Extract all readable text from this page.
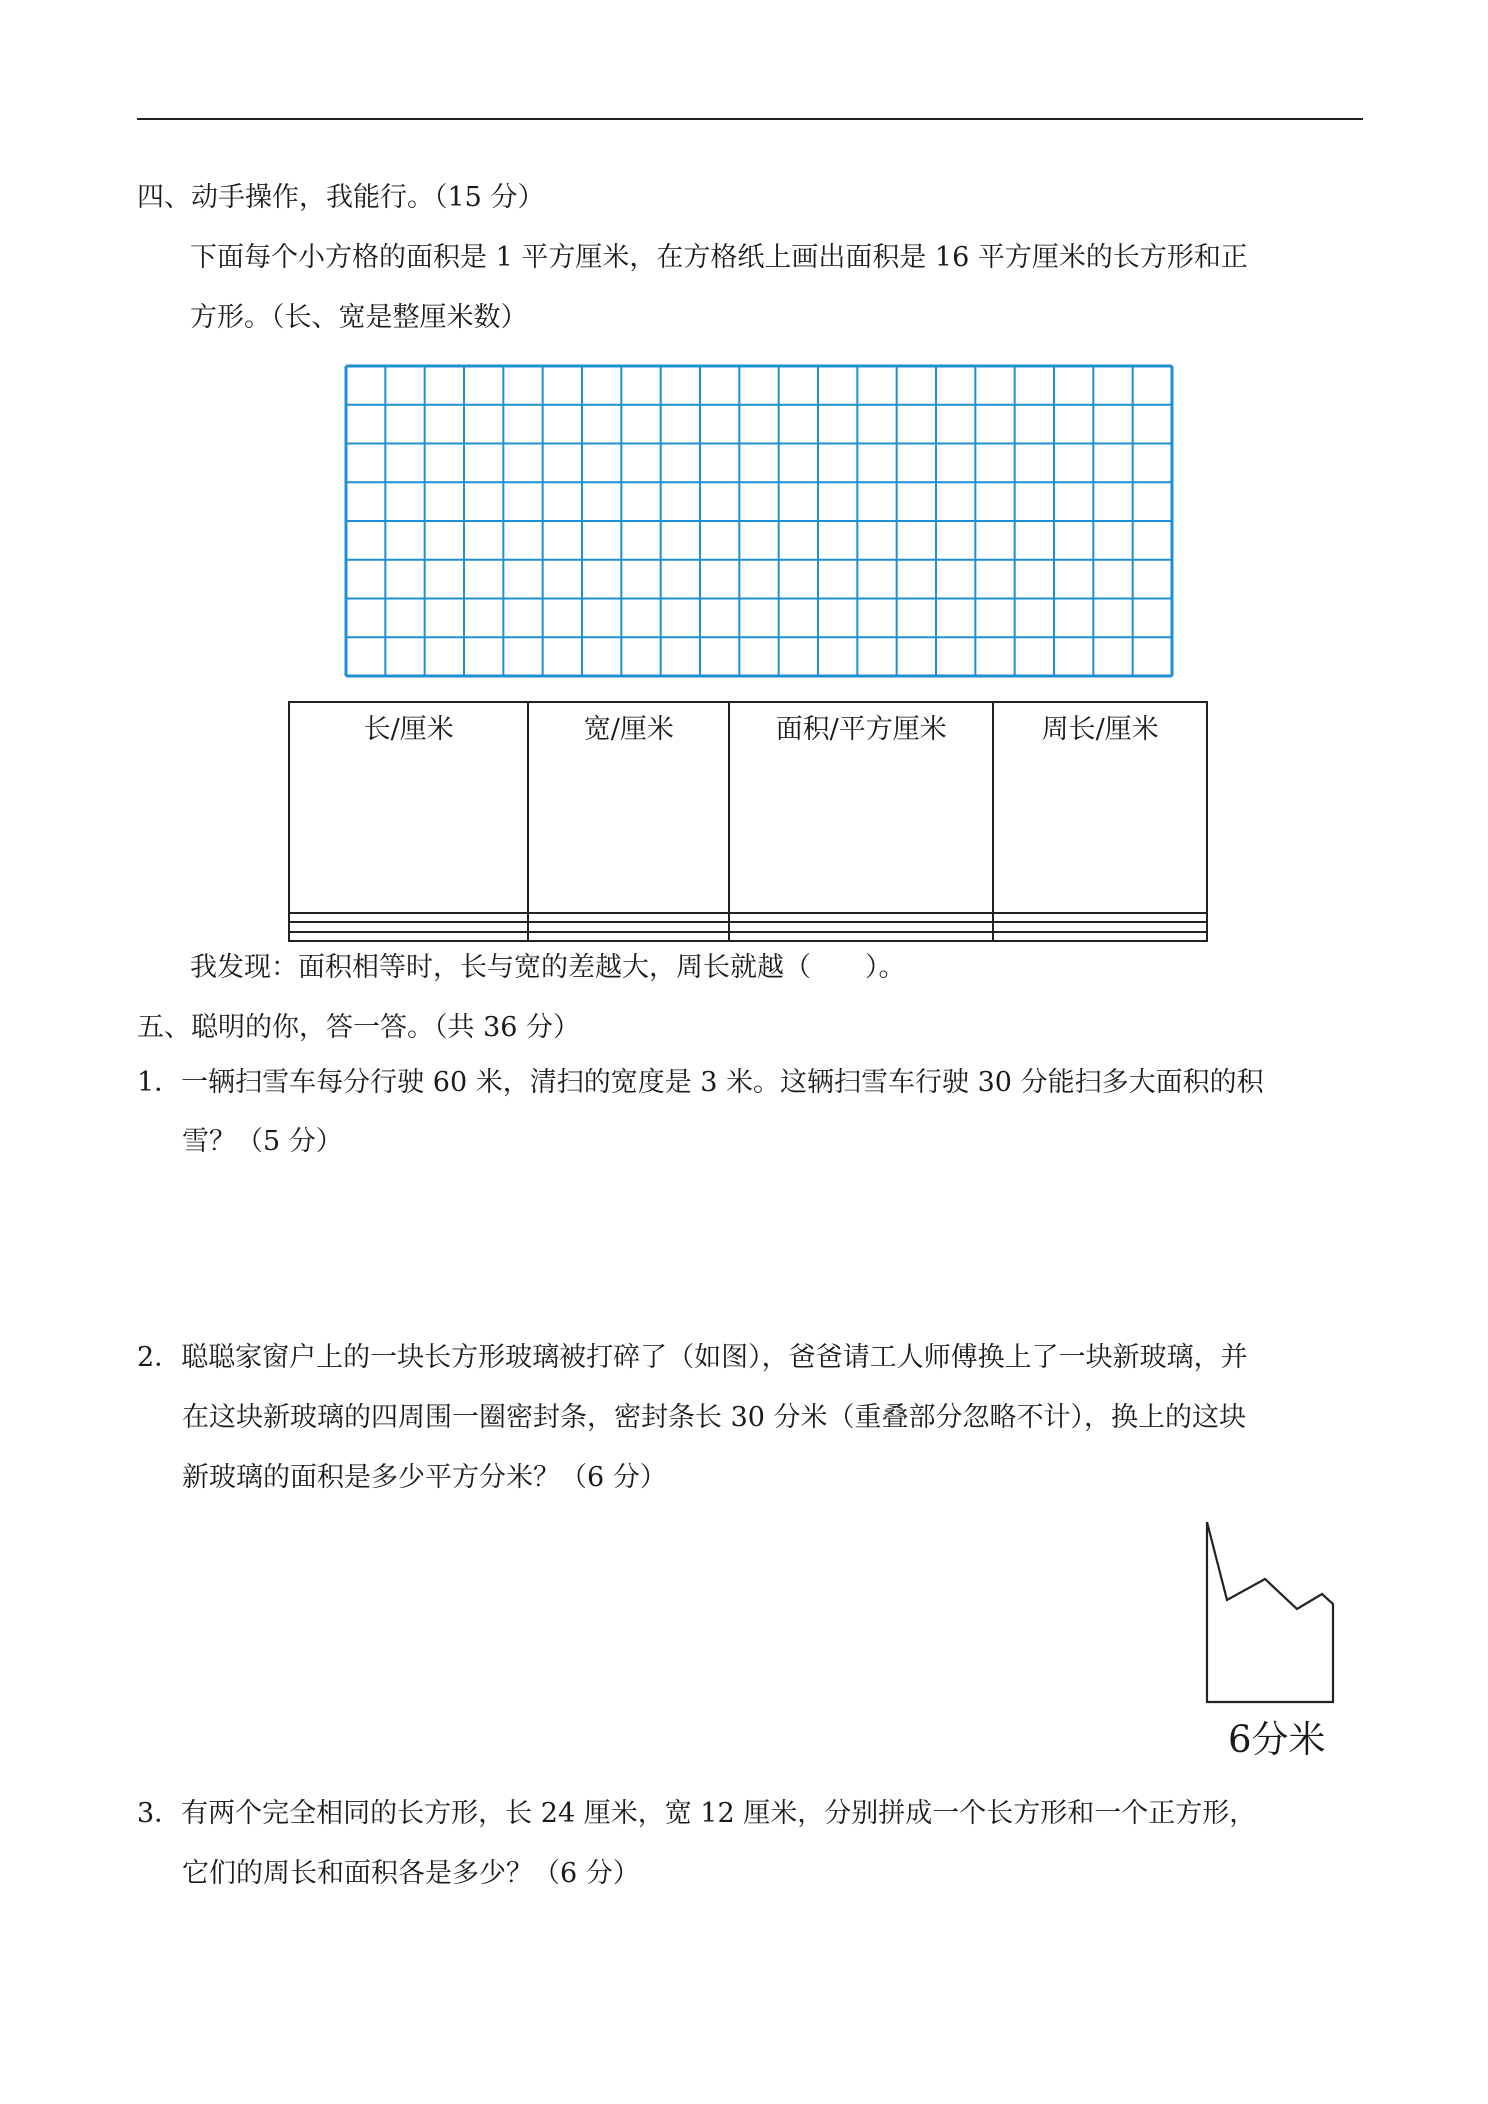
四、动手操作，我能行。（15 分）
下面每个小方格的面积是 1 平方厘米，在方格纸上画出面积是 16 平方厘米的长方形和正
方形。（长、宽是整厘米数）
长/厘米	宽/厘米	面积/平方厘米	周长/厘米

我发现：面积相等时，长与宽的差越大，周长就越（　　）。
五、聪明的你，答一答。（共 36 分）
1．一辆扫雪车每分行驶 60 米，清扫的宽度是 3 米。这辆扫雪车行驶 30 分能扫多大面积的积
雪？（5 分）
2．聪聪家窗户上的一块长方形玻璃被打碎了（如图），爸爸请工人师傅换上了一块新玻璃，并
在这块新玻璃的四周围一圈密封条，密封条长 30 分米（重叠部分忽略不计），换上的这块
新玻璃的面积是多少平方分米？（6 分）
6分米
3．有两个完全相同的长方形，长 24 厘米，宽 12 厘米，分别拼成一个长方形和一个正方形，
它们的周长和面积各是多少？（6 分）
